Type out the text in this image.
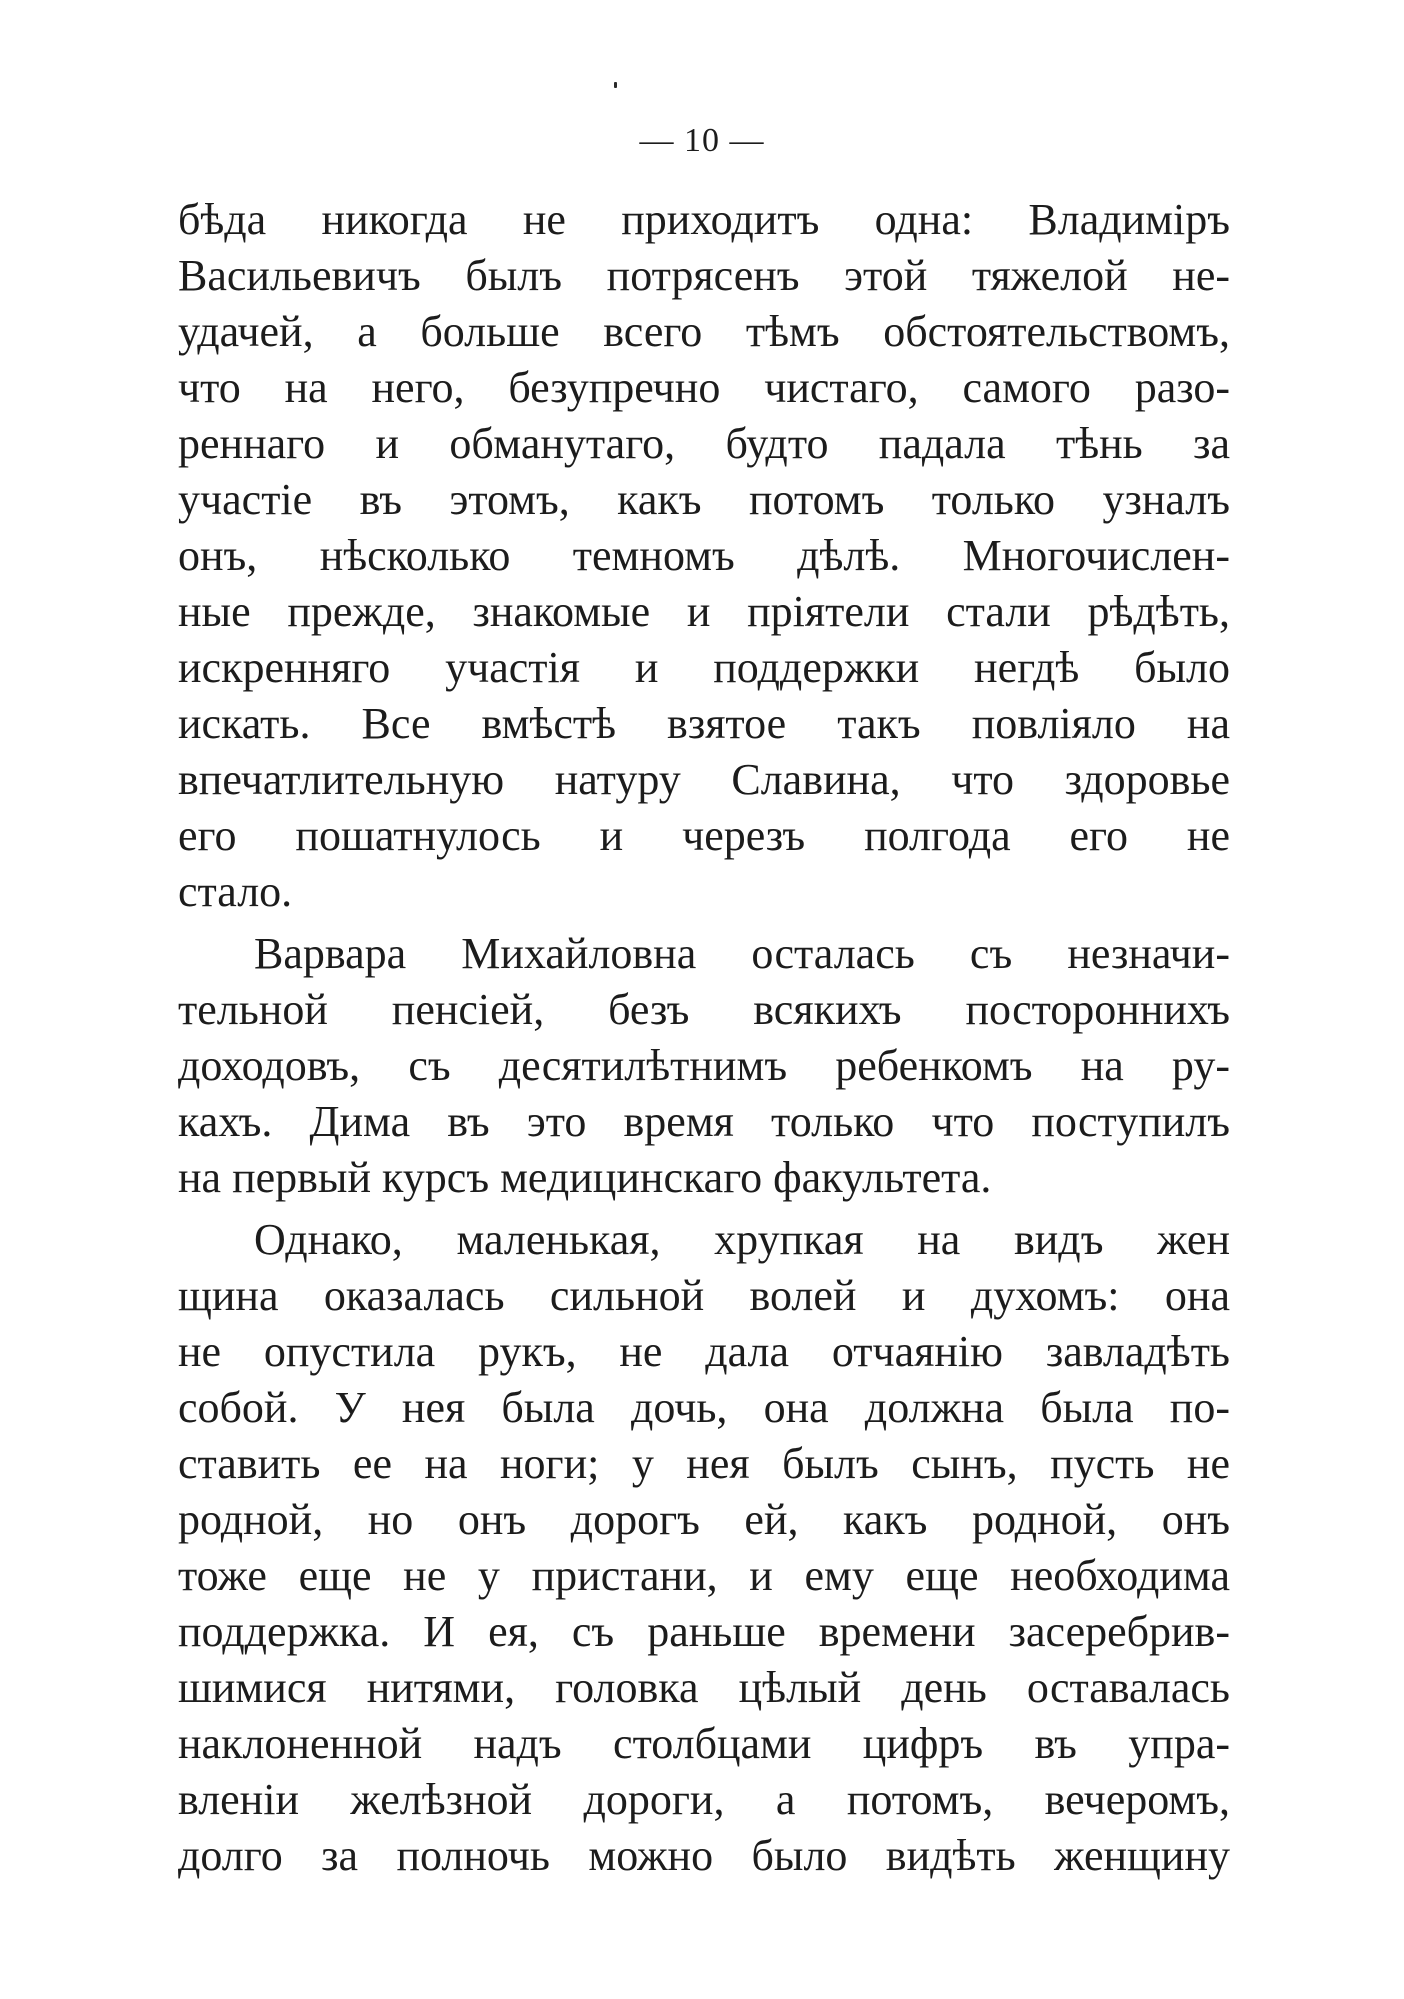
— 10 —
бѣда никогда не приходитъ одна: Владиміръ
Васильевичъ былъ потрясенъ этой тяжелой не-
удачей, а больше всего тѣмъ обстоятельствомъ,
что на него, безупречно чистаго, самого разо-
реннаго и обманутаго, будто падала тѣнь за
участіе въ этомъ, какъ потомъ только узналъ
онъ, нѣсколько темномъ дѣлѣ. Многочислен-
ные прежде, знакомые и пріятели стали рѣдѣть,
искренняго участія и поддержки негдѣ было
искать. Все вмѣстѣ взятое такъ повліяло на
впечатлительную натуру Славина, что здоровье
его пошатнулось и черезъ полгода его не
стало.
Варвара Михайловна осталась съ незначи-
тельной пенсіей, безъ всякихъ постороннихъ
доходовъ, съ десятилѣтнимъ ребенкомъ на ру-
кахъ. Дима въ это время только что поступилъ
на первый курсъ медицинскаго факультета.
Однако, маленькая, хрупкая на видъ жен
щина оказалась сильной волей и духомъ: она
не опустила рукъ, не дала отчаянію завладѣть
собой. У нея была дочь, она должна была по-
ставить ее на ноги; у нея былъ сынъ, пусть не
родной, но онъ дорогъ ей, какъ родной, онъ
тоже еще не у пристани, и ему еще необходима
поддержка. И ея, съ раньше времени засеребрив-
шимися нитями, головка цѣлый день оставалась
наклоненной надъ столбцами цифръ въ упра-
вленіи желѣзной дороги, а потомъ, вечеромъ,
долго за полночь можно было видѣть женщину
